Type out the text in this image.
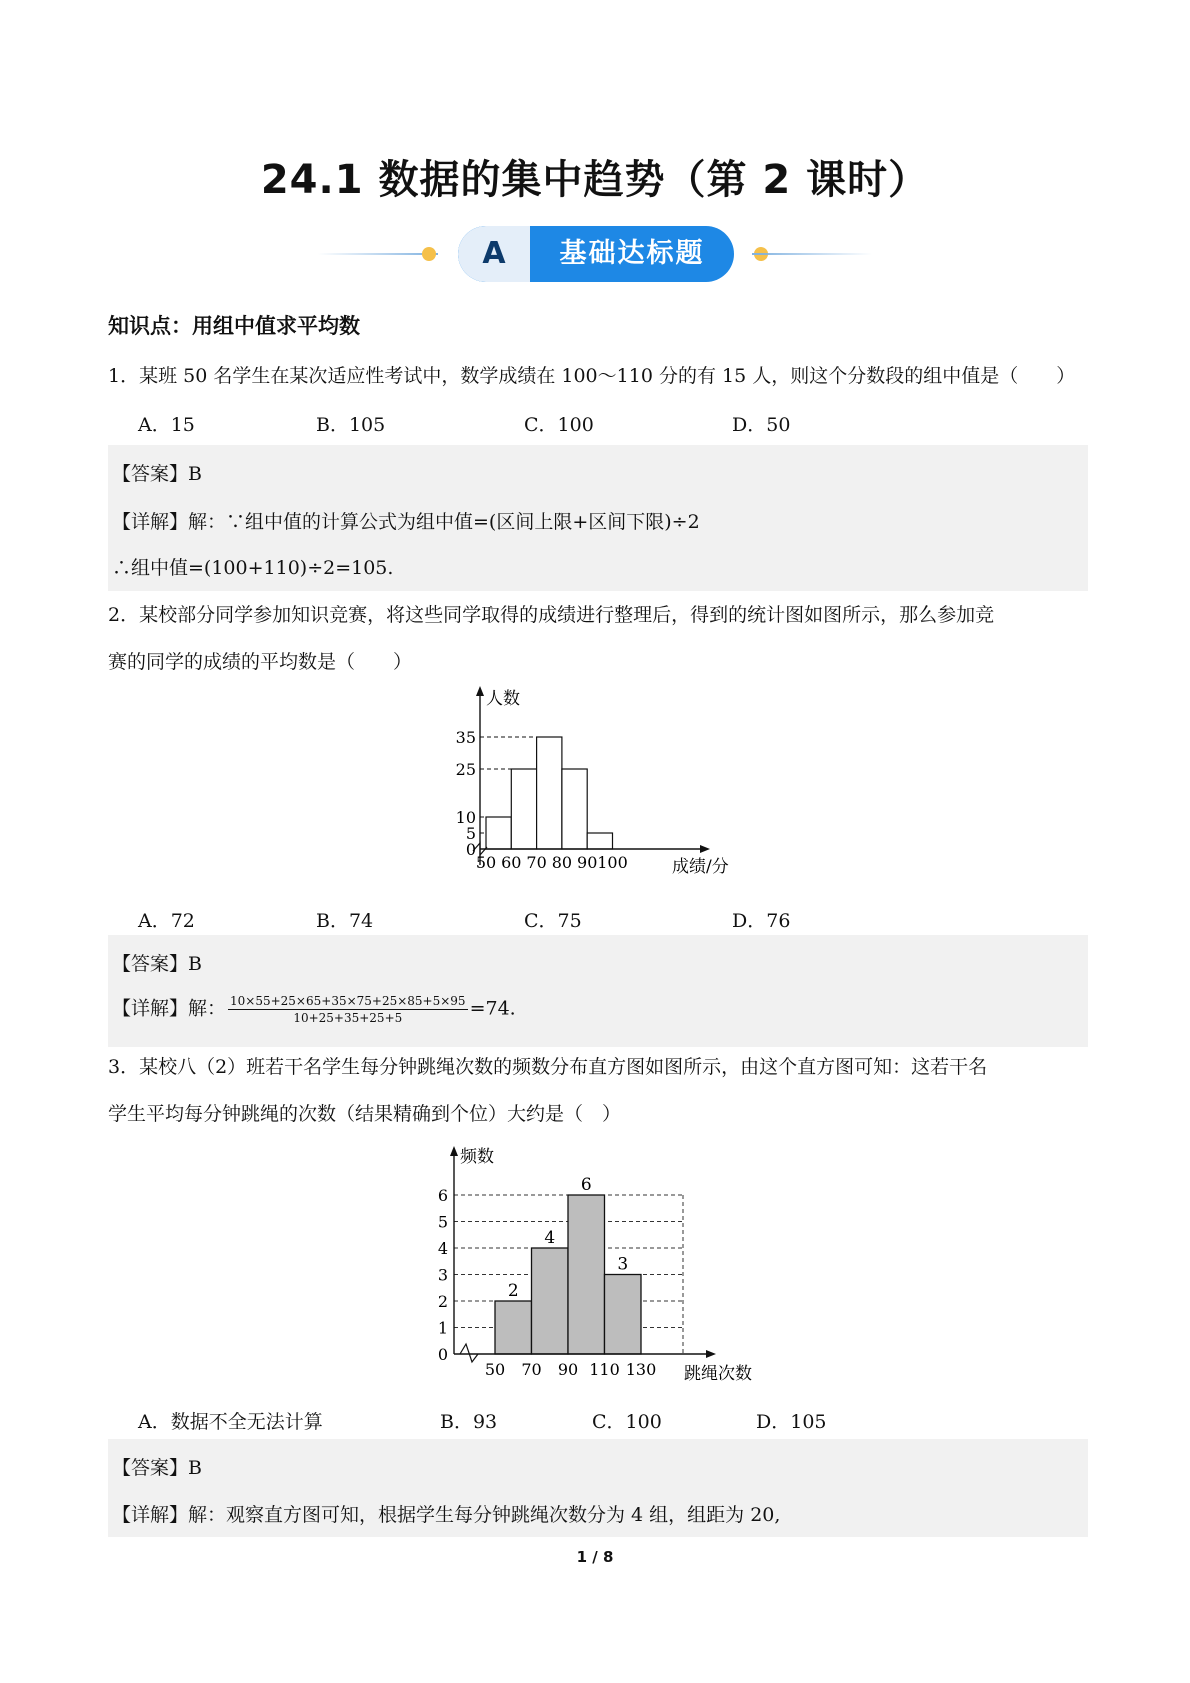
24.1 数据的集中趋势（第 2 课时）
A	基础达标题
知识点：用组中值求平均数
1．某班 50 名学生在某次适应性考试中，数学成绩在 100～110 分的有 15 人，则这个分数段的组中值是（　　）
A．15	B．105	C．100	D．50
【答案】B
【详解】解：∵组中值的计算公式为组中值=(区间上限+区间下限)÷2
∴组中值=(100+110)÷2=105.
2．某校部分同学参加知识竞赛，将这些同学取得的成绩进行整理后，得到的统计图如图所示，那么参加竞
赛的同学的成绩的平均数是（　　）
人数
成绩/分
35
25
10
5
0
50 60 70 80 90 100
A．72	B．74	C．75	D．76
【答案】B
【详解】解： $\frac{10\times 55+25\times 65+35\times 75+25\times 85+5\times 95}{10+25+35+25+5} =74$.
3．某校八（2）班若干名学生每分钟跳绳次数的频数分布直方图如图所示，由这个直方图可知：这若干名
学生平均每分钟跳绳的次数（结果精确到个位）大约是（　）
2
4
6
3
频数
跳绳次数
6
5
4
3
2
1
0
50 70 90 110 130
A．数据不全无法计算	B．93	C．100	D．105
【答案】B
【详解】解：观察直方图可知，根据学生每分钟跳绳次数分为 4 组，组距为 20,
1 / 8
